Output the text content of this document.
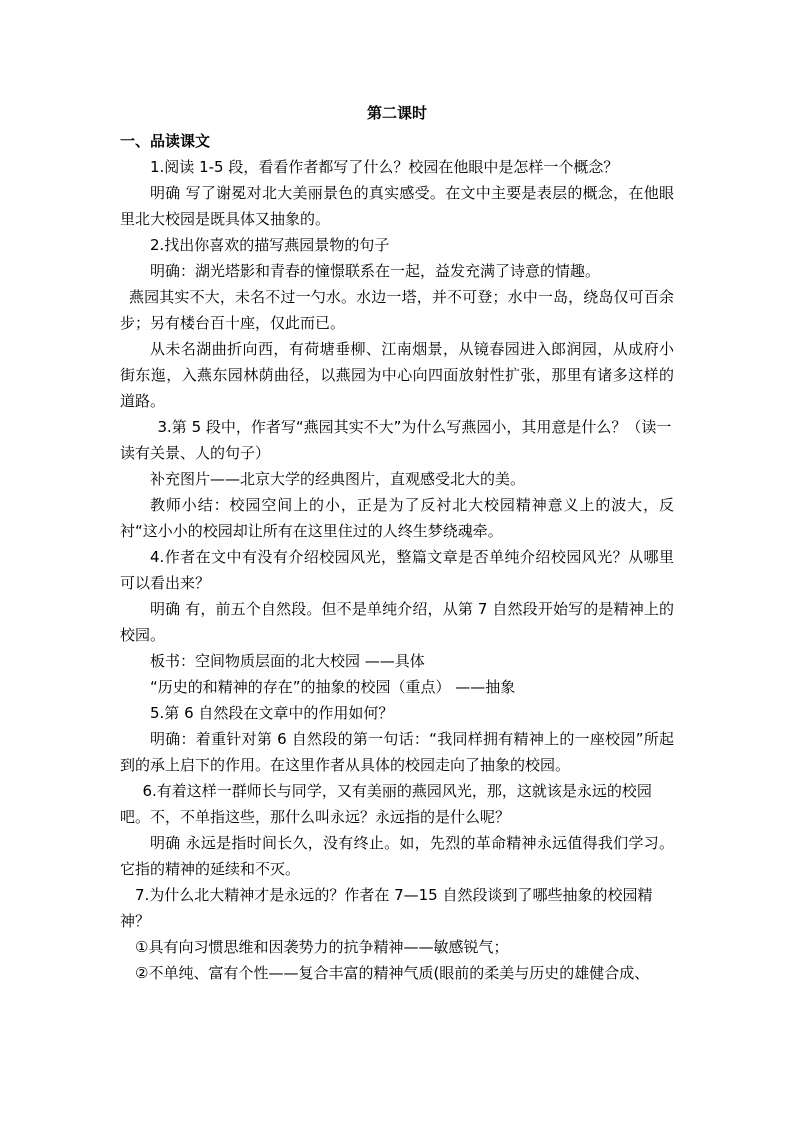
第二课时
一、品读课文

1.阅读 1-5 段，看看作者都写了什么？校园在他眼中是怎样一个概念？

明确 写了谢冕对北大美丽景色的真实感受。在文中主要是表层的概念，在他眼里北大校园是既具体又抽象的。

2.找出你喜欢的描写燕园景物的句子

明确：湖光塔影和青春的憧憬联系在一起，益发充满了诗意的情趣。

燕园其实不大，未名不过一勺水。水边一塔，并不可登；水中一岛，绕岛仅可百余步；另有楼台百十座，仅此而已。

从未名湖曲折向西，有荷塘垂柳、江南烟景，从镜春园进入郎润园，从成府小街东迤，入燕东园林荫曲径，以燕园为中心向四面放射性扩张，那里有诸多这样的道路。

3.第 5 段中，作者写“燕园其实不大”为什么写燕园小，其用意是什么？（读一读有关景、人的句子）

补充图片——北京大学的经典图片，直观感受北大的美。

教师小结：校园空间上的小，正是为了反衬北大校园精神意义上的波大，反衬“这小小的校园却让所有在这里住过的人终生梦绕魂牵。

4.作者在文中有没有介绍校园风光，整篇文章是否单纯介绍校园风光？从哪里可以看出来？

明确 有，前五个自然段。但不是单纯介绍，从第 7 自然段开始写的是精神上的校园。

板书：空间物质层面的北大校园 ——具体

“历史的和精神的存在”的抽象的校园（重点） ——抽象

5.第 6 自然段在文章中的作用如何？

明确：着重针对第 6 自然段的第一句话：“我同样拥有精神上的一座校园”所起到的承上启下的作用。在这里作者从具体的校园走向了抽象的校园。

6.有着这样一群师长与同学，又有美丽的燕园风光，那，这就该是永远的校园吧。不，不单指这些，那什么叫永远？永远指的是什么呢？

明确 永远是指时间长久，没有终止。如，先烈的革命精神永远值得我们学习。它指的精神的延续和不灭。

7.为什么北大精神才是永远的？作者在 7—15 自然段谈到了哪些抽象的校园精神？

①具有向习惯思维和因袭势力的抗争精神——敏感锐气；

②不单纯、富有个性——复合丰富的精神气质(眼前的柔美与历史的雄健合成、
